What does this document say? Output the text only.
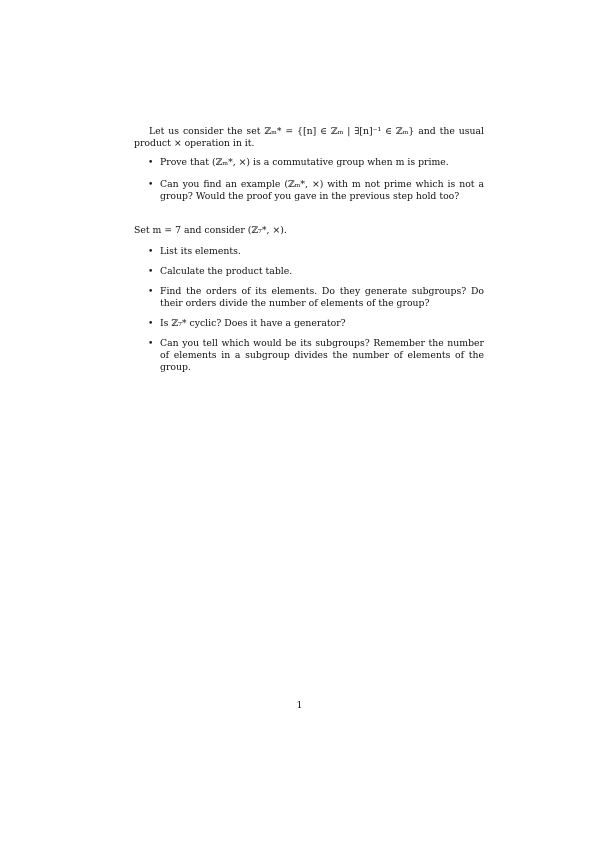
Let us consider the set ℤₘ* = {[n] ∈ ℤₘ | ∃[n]⁻¹ ∈ ℤₘ} and the usual product × operation in it.

• Prove that (ℤₘ*, ×) is a commutative group when m is prime.
• Can you find an example (ℤₘ*, ×) with m not prime which is not a group? Would the proof you gave in the previous step hold too?

Set m = 7 and consider (ℤ₇*, ×).

• List its elements.
• Calculate the product table.
• Find the orders of its elements. Do they generate subgroups? Do their orders divide the number of elements of the group?
• Is ℤ₇* cyclic? Does it have a generator?
• Can you tell which would be its subgroups? Remember the number of elements in a subgroup divides the number of elements of the group.
1
